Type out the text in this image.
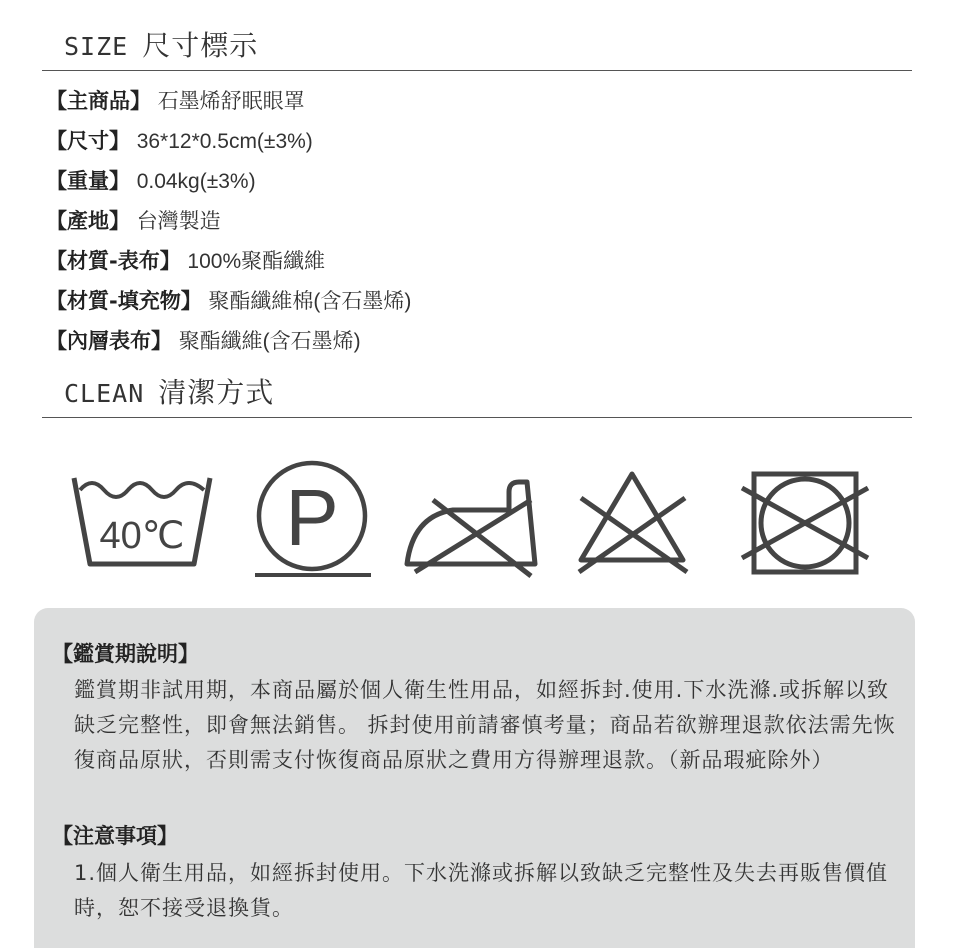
SIZE 尺寸標示
【主商品】 石墨烯舒眠眼罩
【尺寸】 36*12*0.5cm(±3%)
【重量】 0.04kg(±3%)
【產地】 台灣製造
【材質-表布】 100%聚酯纖維
【材質-填充物】 聚酯纖維棉(含石墨烯)
【內層表布】 聚酯纖維(含石墨烯)
CLEAN 清潔方式
40℃ P
【鑑賞期說明】
鑑賞期非試用期，本商品屬於個人衛生性用品，如經拆封.使用.下水洗滌.或拆解以致缺乏完整性，即會無法銷售。 拆封使用前請審慎考量；商品若欲辦理退款依法需先恢復商品原狀，否則需支付恢復商品原狀之費用方得辦理退款。（新品瑕疵除外）
【注意事項】
1.個人衛生用品，如經拆封使用。下水洗滌或拆解以致缺乏完整性及失去再販售價值時，恕不接受退換貨。
